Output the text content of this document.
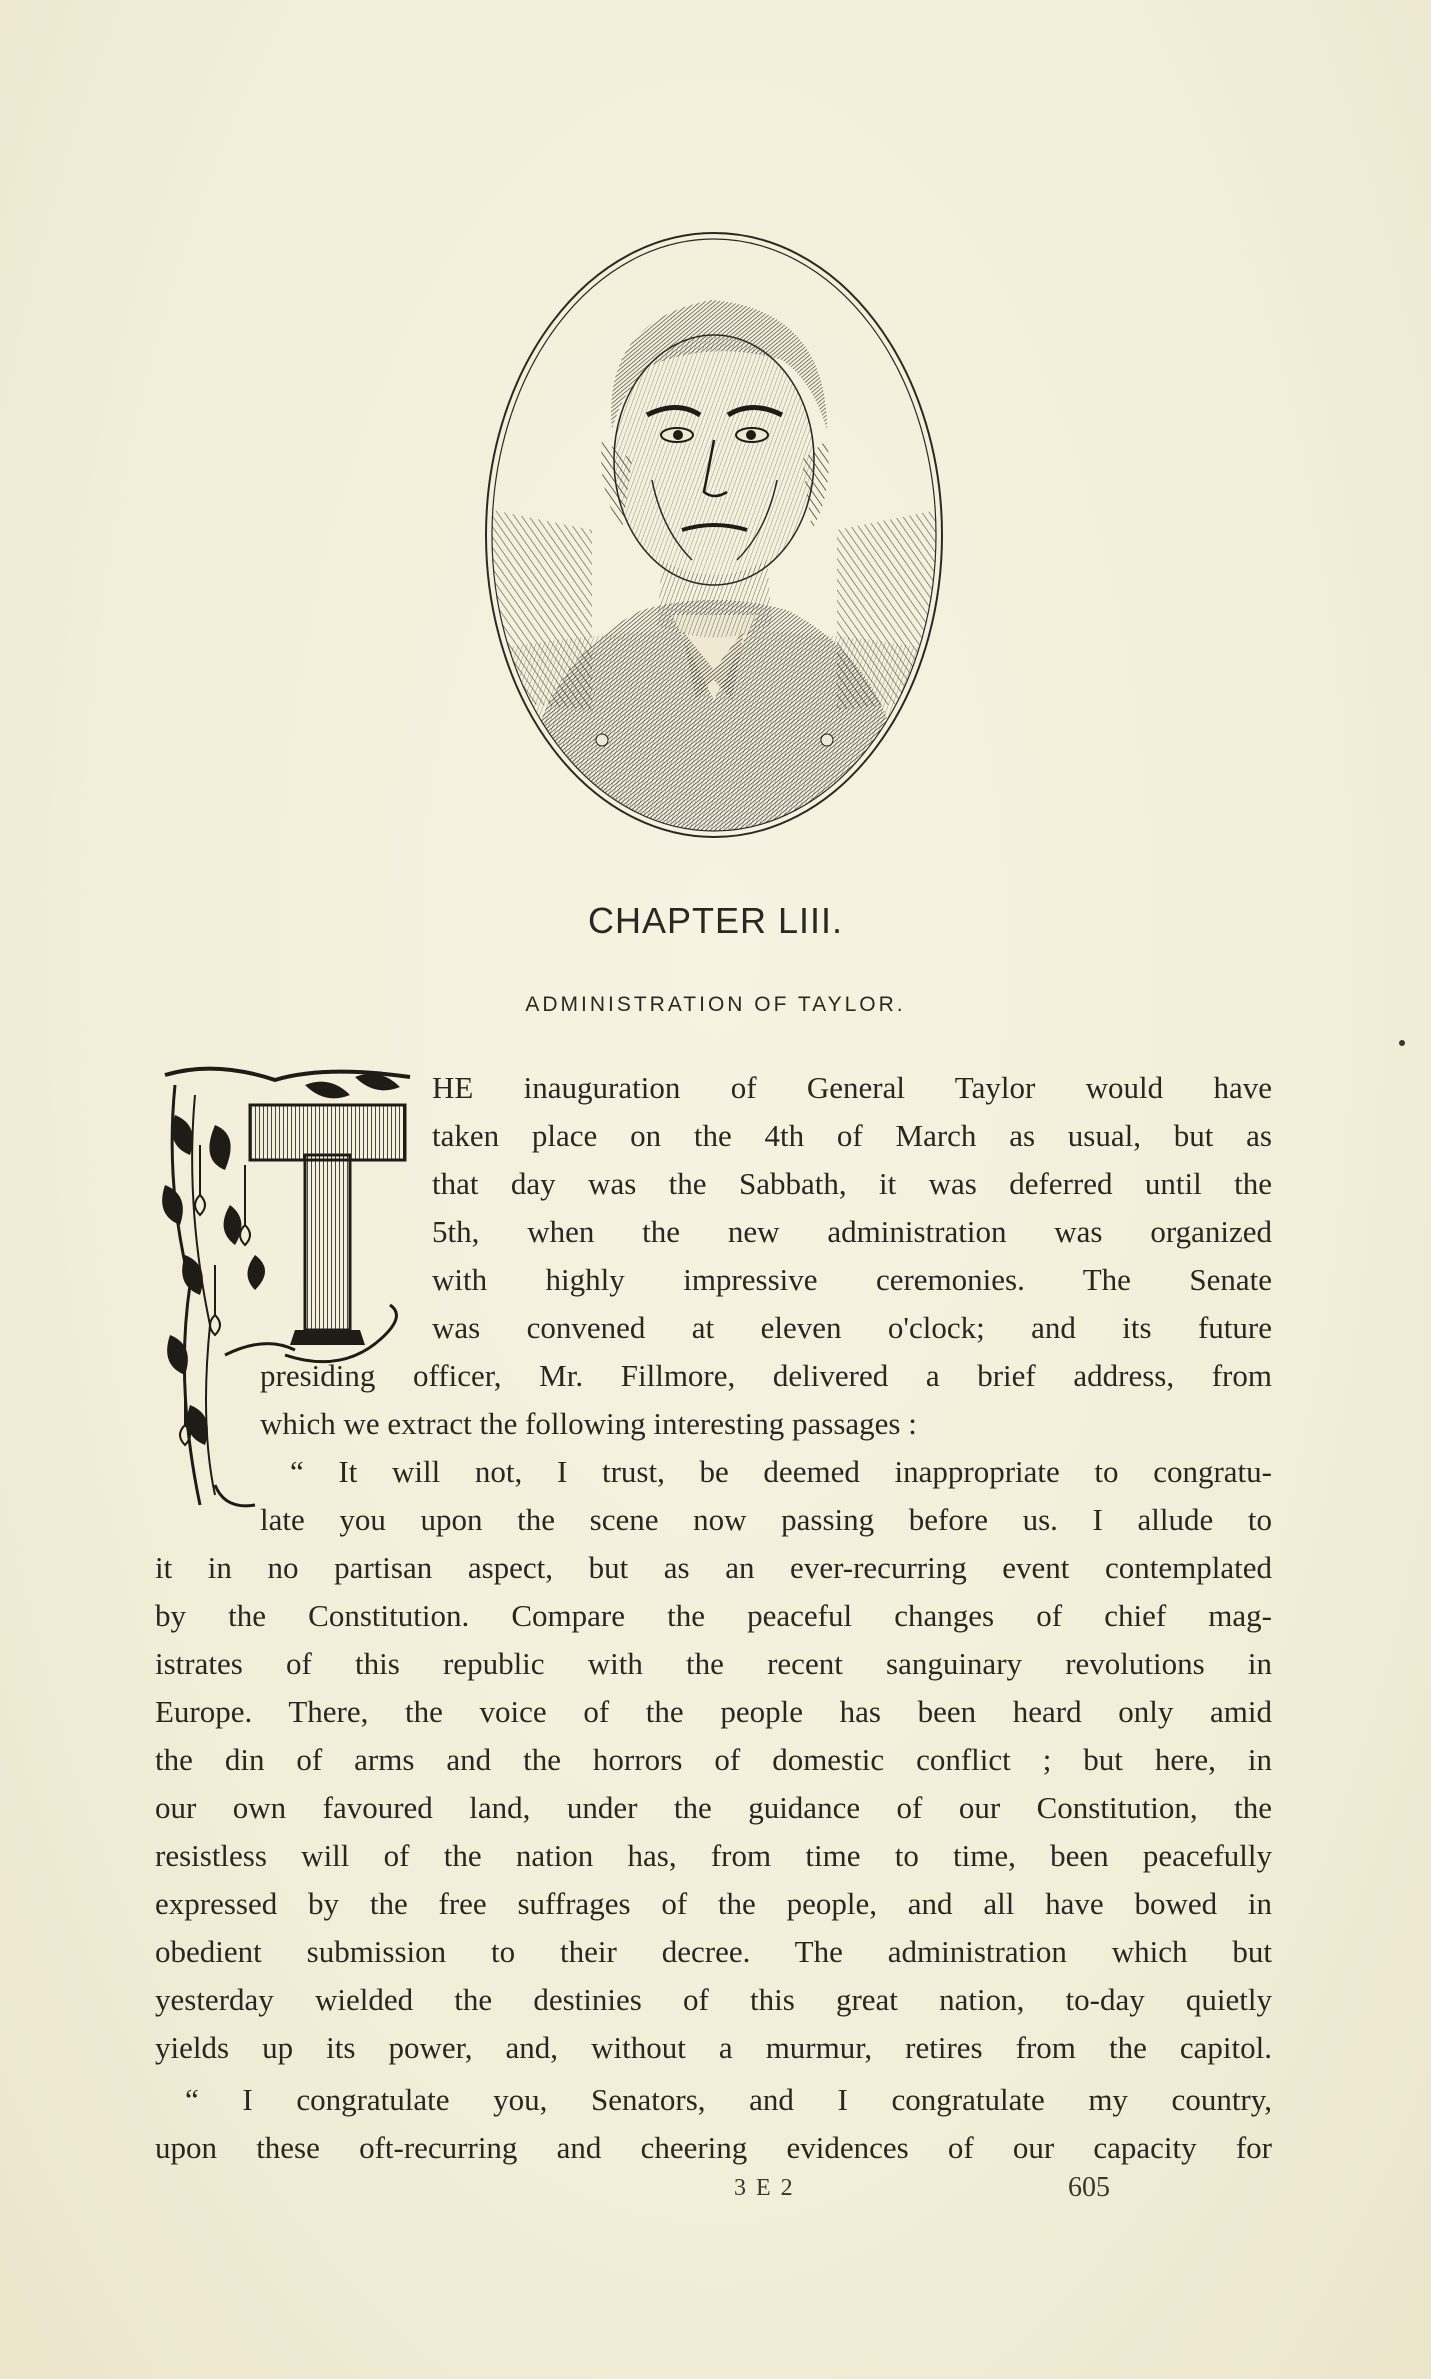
CHAPTER LIII.
ADMINISTRATION OF TAYLOR.
HE inauguration of General Taylor would have
taken place on the 4th of March as usual, but as
that day was the Sabbath, it was deferred until the
5th, when the new administration was organized
with highly impressive ceremonies. The Senate
was convened at eleven o'clock; and its future
presiding officer, Mr. Fillmore, delivered a brief address, from
which we extract the following interesting passages :
“ It will not, I trust, be deemed inappropriate to congratu-
late you upon the scene now passing before us. I allude to
it in no partisan aspect, but as an ever-recurring event contemplated
by the Constitution. Compare the peaceful changes of chief mag-
istrates of this republic with the recent sanguinary revolutions in
Europe. There, the voice of the people has been heard only amid
the din of arms and the horrors of domestic conflict ; but here, in
our own favoured land, under the guidance of our Constitution, the
resistless will of the nation has, from time to time, been peacefully
expressed by the free suffrages of the people, and all have bowed in
obedient submission to their decree. The administration which but
yesterday wielded the destinies of this great nation, to-day quietly
yields up its power, and, without a murmur, retires from the capitol.
“ I congratulate you, Senators, and I congratulate my country,
upon these oft-recurring and cheering evidences of our capacity for
3 E 2	605
